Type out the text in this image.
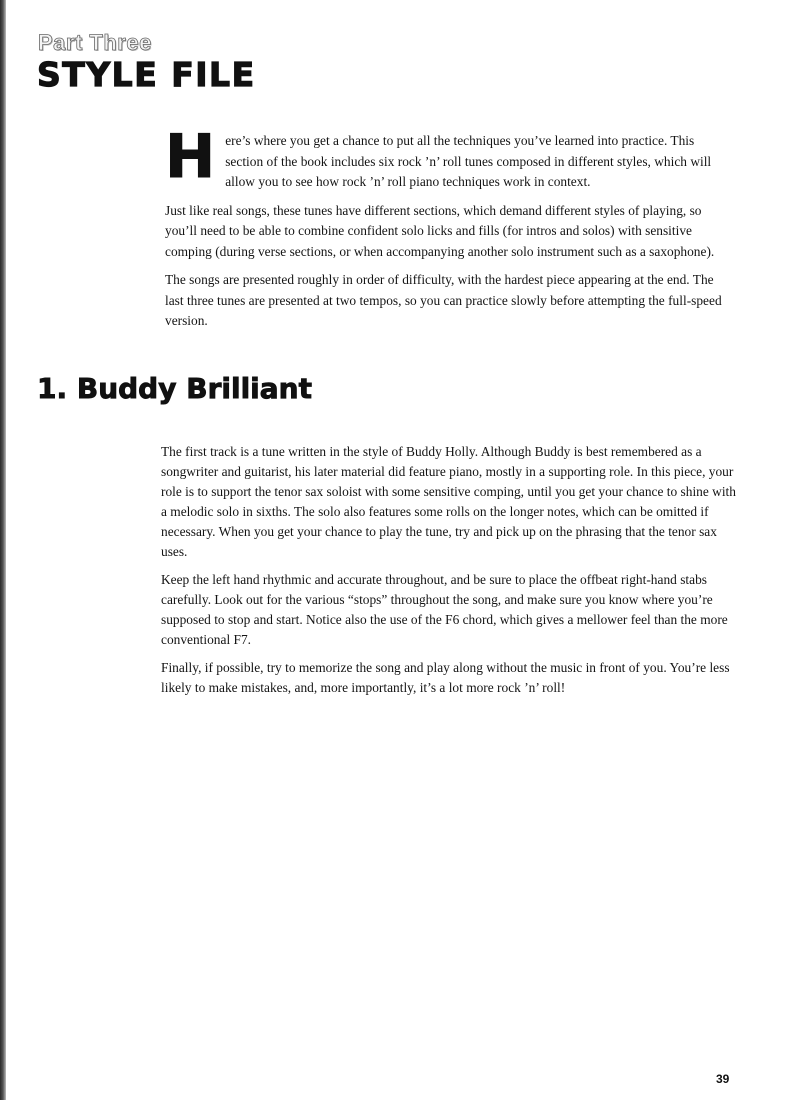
Part Three
STYLE FILE

Here’s where you get a chance to put all the techniques you’ve learned into practice. This section of the book includes six rock ’n’ roll tunes composed in different styles, which will allow you to see how rock ’n’ roll piano techniques work in context.

Just like real songs, these tunes have different sections, which demand different styles of playing, so you’ll need to be able to combine confident solo licks and fills (for intros and solos) with sensitive comping (during verse sections, or when accompanying another solo instrument such as a saxophone).

The songs are presented roughly in order of difficulty, with the hardest piece appearing at the end. The last three tunes are presented at two tempos, so you can practice slowly before attempting the full-speed version.

1. Buddy Brilliant

The first track is a tune written in the style of Buddy Holly. Although Buddy is best remembered as a songwriter and guitarist, his later material did feature piano, mostly in a supporting role. In this piece, your role is to support the tenor sax soloist with some sensitive comping, until you get your chance to shine with a melodic solo in sixths. The solo also features some rolls on the longer notes, which can be omitted if necessary. When you get your chance to play the tune, try and pick up on the phrasing that the tenor sax uses.

Keep the left hand rhythmic and accurate throughout, and be sure to place the offbeat right-hand stabs carefully. Look out for the various “stops” throughout the song, and make sure you know where you’re supposed to stop and start. Notice also the use of the F6 chord, which gives a mellower feel than the more conventional F7.

Finally, if possible, try to memorize the song and play along without the music in front of you. You’re less likely to make mistakes, and, more importantly, it’s a lot more rock ’n’ roll!

39
